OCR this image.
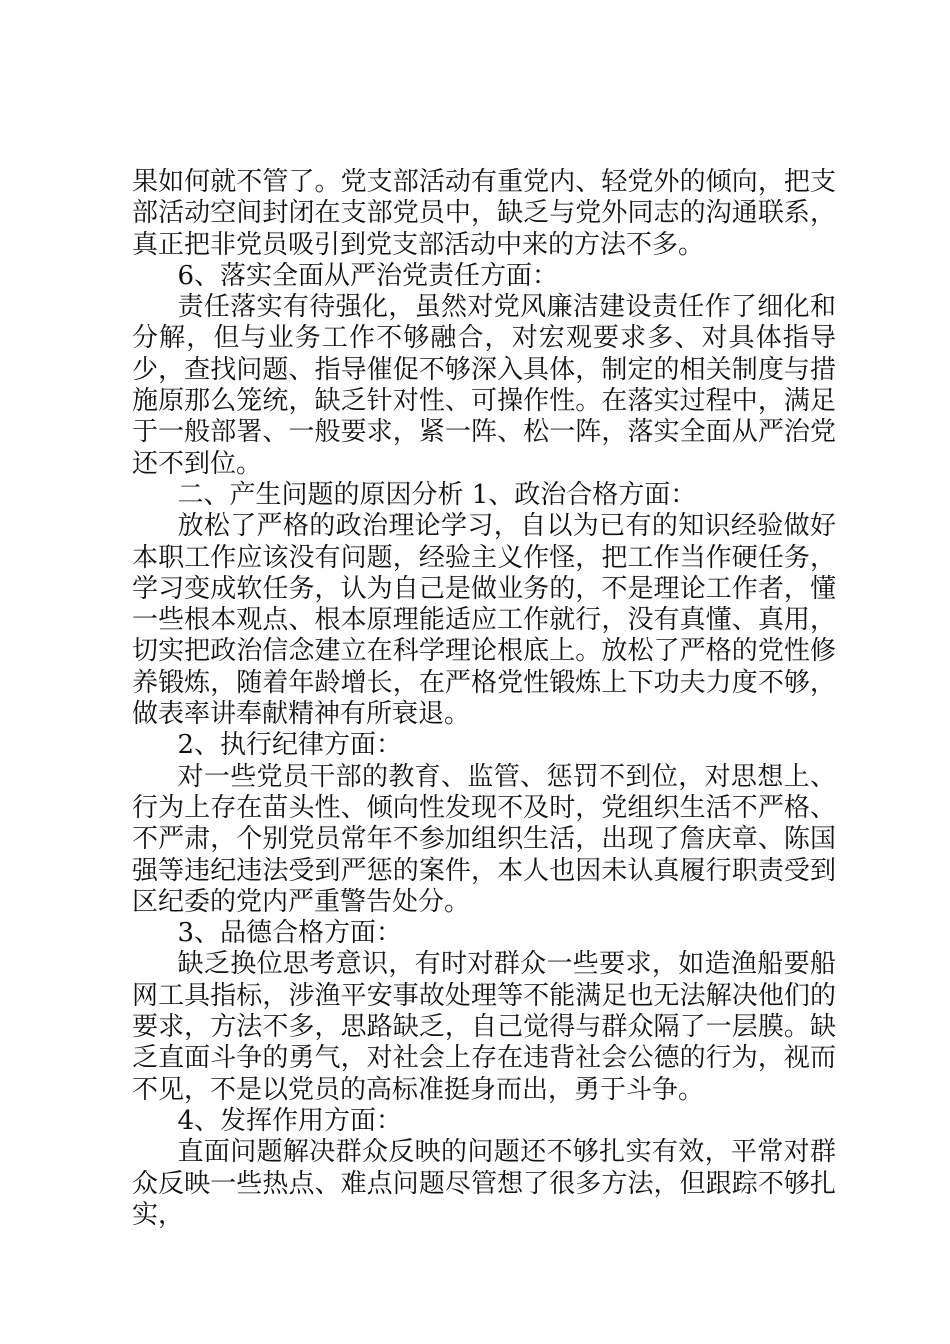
果如何就不管了。党支部活动有重党内、轻党外的倾向，把支部活动空间封闭在支部党员中，缺乏与党外同志的沟通联系，真正把非党员吸引到党支部活动中来的方法不多。

6、落实全面从严治党责任方面：

责任落实有待强化，虽然对党风廉洁建设责任作了细化和分解，但与业务工作不够融合，对宏观要求多、对具体指导少，查找问题、指导催促不够深入具体，制定的相关制度与措施原那么笼统，缺乏针对性、可操作性。在落实过程中，满足于一般部署、一般要求，紧一阵、松一阵，落实全面从严治党还不到位。

二、产生问题的原因分析 1、政治合格方面：

放松了严格的政治理论学习，自以为已有的知识经验做好本职工作应该没有问题，经验主义作怪，把工作当作硬任务，学习变成软任务，认为自己是做业务的，不是理论工作者，懂一些根本观点、根本原理能适应工作就行，没有真懂、真用，切实把政治信念建立在科学理论根底上。放松了严格的党性修养锻炼，随着年龄增长，在严格党性锻炼上下功夫力度不够，做表率讲奉献精神有所衰退。

2、执行纪律方面：

对一些党员干部的教育、监管、惩罚不到位，对思想上、行为上存在苗头性、倾向性发现不及时，党组织生活不严格、不严肃，个别党员常年不参加组织生活，出现了詹庆章、陈国强等违纪违法受到严惩的案件，本人也因未认真履行职责受到区纪委的党内严重警告处分。

3、品德合格方面：

缺乏换位思考意识，有时对群众一些要求，如造渔船要船网工具指标，涉渔平安事故处理等不能满足也无法解决他们的要求，方法不多，思路缺乏，自己觉得与群众隔了一层膜。缺乏直面斗争的勇气，对社会上存在违背社会公德的行为，视而不见，不是以党员的高标准挺身而出，勇于斗争。

4、发挥作用方面：

直面问题解决群众反映的问题还不够扎实有效，平常对群众反映一些热点、难点问题尽管想了很多方法，但跟踪不够扎实，
